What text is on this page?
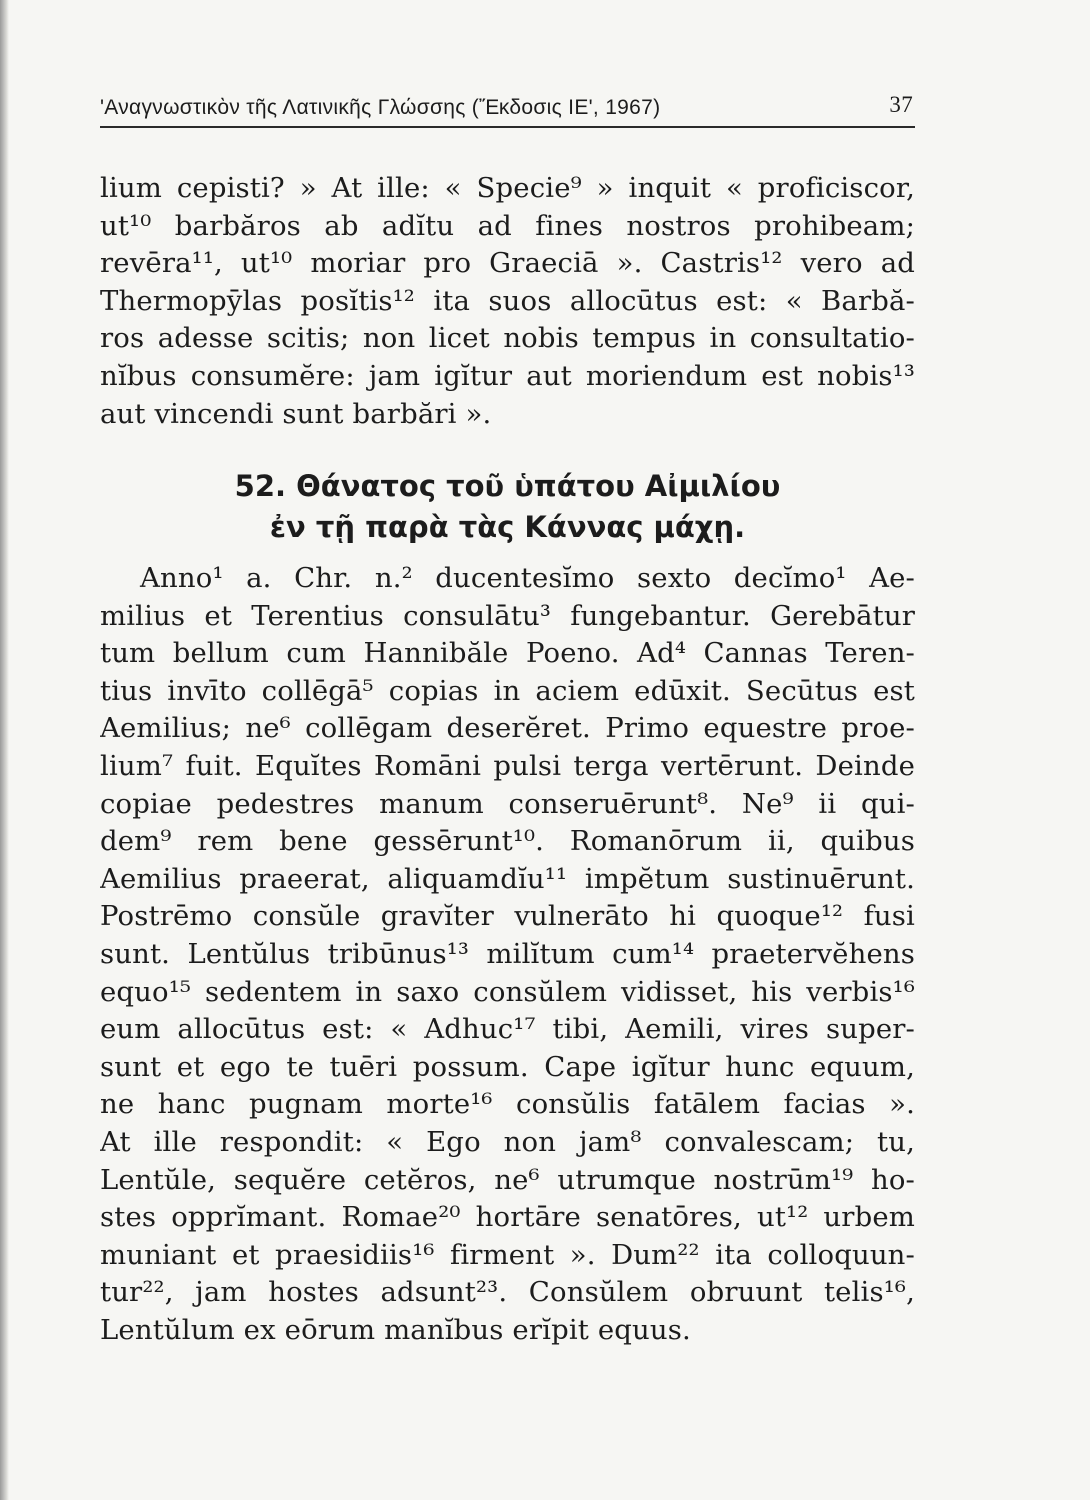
'Αναγνωστικὸν τῆς Λατινικῆς Γλώσσης (Ἔκδοσις ΙΕ', 1967)	37
lium cepisti? » At ille: « Specie⁹ » inquit « proficiscor,
ut¹⁰ barbăros ab adĭtu ad fines nostros prohibeam;
revēra¹¹, ut¹⁰ moriar pro Graeciā ». Castris¹² vero ad
Thermopȳlas posĭtis¹² ita suos allocūtus est: « Barbă-
ros adesse scitis; non licet nobis tempus in consultatio-
nĭbus consumĕre: jam igĭtur aut moriendum est nobis¹³
aut vincendi sunt barbări ».
52. Θάνατος τοῦ ὑπάτου Αἰμιλίου
ἐν τῇ παρὰ τὰς Κάννας μάχῃ.
Anno¹ a. Chr. n.² ducentesĭmo sexto decĭmo¹ Ae-
milius et Terentius consulātu³ fungebantur. Gerebātur
tum bellum cum Hannibăle Poeno. Ad⁴ Cannas Teren-
tius invīto collēgā⁵ copias in aciem edūxit. Secūtus est
Aemilius; ne⁶ collēgam deserĕret. Primo equestre proe-
lium⁷ fuit. Equĭtes Romāni pulsi terga vertērunt. Deinde
copiae pedestres manum conseruērunt⁸. Ne⁹ ii qui-
dem⁹ rem bene gessērunt¹⁰. Romanōrum ii, quibus
Aemilius praeerat, aliquamdĭu¹¹ impĕtum sustinuērunt.
Postrēmo consŭle gravĭter vulnerāto hi quoque¹² fusi
sunt. Lentŭlus tribūnus¹³ milĭtum cum¹⁴ praetervĕhens
equo¹⁵ sedentem in saxo consŭlem vidisset, his verbis¹⁶
eum allocūtus est: « Adhuc¹⁷ tibi, Aemili, vires super-
sunt et ego te tuēri possum. Cape igĭtur hunc equum,
ne hanc pugnam morte¹⁶ consŭlis fatālem facias ».
At ille respondit: « Ego non jam⁸ convalescam; tu,
Lentŭle, sequĕre cetĕros, ne⁶ utrumque nostrūm¹⁹ ho-
stes opprĭmant. Romae²⁰ hortāre senatōres, ut¹² urbem
muniant et praesidiis¹⁶ firment ». Dum²² ita colloquun-
tur²², jam hostes adsunt²³. Consŭlem obruunt telis¹⁶,
Lentŭlum ex eōrum manĭbus erĭpit equus.
